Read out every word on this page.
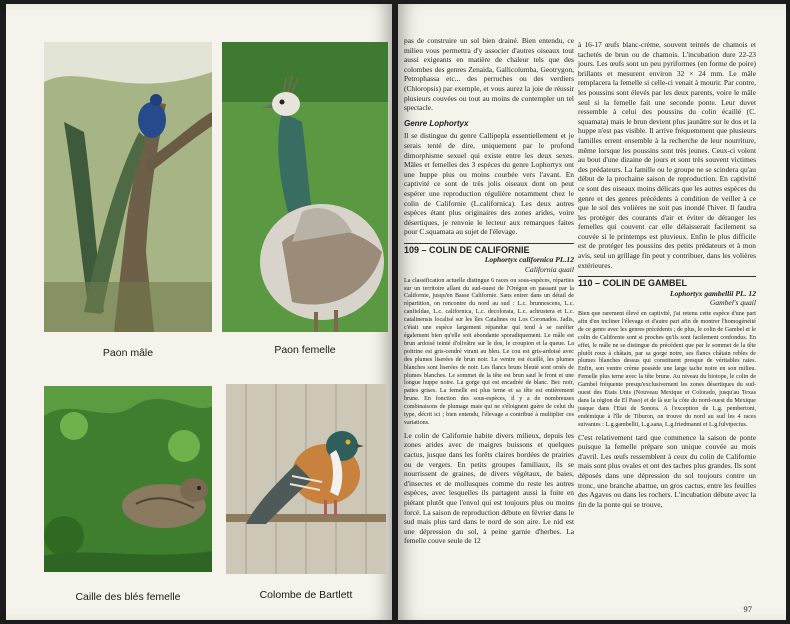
Paon mâle	Paon femelle
Caille des blés femelle	Colombe de Bartlett

à 16-17 œufs blanc-crème, souvent teintés de chamois et tachetés de brun ou de chamois. L'incubation dure 22-23 jours. Les œufs sont un peu pyriformes (en forme de poire) brillants et mesurent environ 32 × 24 mm. Le mâle remplacera la femelle si celle-ci venait à mourir. Par contre, les poussins sont élevés par les deux parents, voire le mâle seul si la femelle fait une seconde ponte. Leur duvet ressemble à celui des poussins du colin écaillé (C. squamata) mais le brun devient plus jaunâtre sur le dos et la huppe n'est pas visible. Il arrive fréquemment que plusieurs familles errent ensemble à la recherche de leur nourriture, même lorsque les poussins sont très jeunes. Ceux-ci volent au bout d'une dizaine de jours et sont très souvent victimes des prédateurs. La famille ou le groupe ne se scindera qu'au début de la prochaine saison de reproduction. En captivité ce sont des oiseaux moins délicats que les autres espèces du genre et des genres précédents à condition de veiller à ce que le sol des volières ne soit pas inondé l'hiver. Il faudra les protéger des courants d'air et éviter de déranger les femelles qui couvent car elle délaisserait facilement sa couvée si le printemps est pluvieux. Enfin le plus difficile est de protéger les poussins des petits prédateurs et à mon avis, seul un grillage fin peut y contribuer, dans les volières extérieures.

110 – COLIN DE GAMBEL
Lophortyx gambellii PL. 12
Gambel's quail

Bien que rarement élevé en captivité, j'ai retenu cette espèce d'une part afin d'en incliner l'élevage et d'autre part afin de montrer l'homogénéité de ce genre avec les genres précédents ; de plus, le colin de Gambel et le colin de Californie sont si proches qu'ils sont facilement confondus. En effet, le mâle ne se distingue du précédent que par le sommet de la tête plutôt roux à châtain, par sa gorge noire, ses flancs châtain rebles de plumes blanches dessus qui constituent presque de véritables raies. Enfin, son ventre crème possède une large tache noire en son milieu. Femelle plus terne avec la tête brune. Au niveau du biotope, le colin de Gambel fréquente presqu'exclusivement les zones désertiques du sud-ouest des Etats Unis (Nouveau Mexique et Colorado, jusqu'au Texas dans la région de El Paso) et de là sur la côte du nord-ouest du Mexique jusque dans l'Etat de Sonora. A l'exception de L.g. pembertoni, endémique à l'île de Tiburon, on trouve du nord au sud les 4 races suivantes : L.g.gambellii, L.g.sana, L.g.friedmanni et L.g.fulvipectus.

C'est relativement tard que commence la saison de ponte puisque la femelle prépare son unique couvée au mois d'avril. Les œufs ressemblent à ceux du colin de Californie mais sont plus ovales et ont des taches plus grandes. Ils sont déposés dans une dépression du sol toujours contre un tronc, une branche abattue, un gros cactus, entre les feuilles des Agaves ou dans les rochers. L'incubation débute avec la fin de la ponte qui se trouve,

97

pas de construire un sol bien drainé. Bien entendu, ce milieu vous permettra d'y associer d'autres oiseaux tout aussi exigeants en matière de chaleur tels que des colombes des genres Zenaida, Gallicolumba, Geotrygon, Petrophassa etc... des perruches ou des verdiers (Chloropsis) par exemple, et vous aurez la joie de réussir plusieurs couvées ou tout au moins de contempler un tel spectacle.

Genre Lophortyx

Il se distingue du genre Callipepla essentiellement et je serais tenté de dire, uniquement par le profond dimorphisme sexuel qui existe entre les deux sexes. Mâles et femelles des 3 espèces du genre Lophortyx ont une huppe plus ou moins courbée vers l'avant. En captivité ce sont de très jolis oiseaux dont on peut espérer une reproduction régulière notamment chez le colin de Californie (L.californica). Les deux autres espèces étant plus originaires des zones arides, voire désertiques, je renvoie le lecteur aux remarques faites pour C.squamata au sujet de l'élevage.

109 – COLIN DE CALIFORNIE
Lophortyx californica PL.12
California quail

La classification actuelle distingue 6 races ou sous-espèces, réparties sur un territoire allant du sud-ouest de l'Orégon en passant par la Californie, jusqu'en Basse Californie. Sans entrer dans un détail de répartition, on rencontre du nord au sud : L.c. brunnescens, L.c. canfieldae, L.c. californica, L.c. decolorata, L.c. achrustera et L.c. catalinensis localisé sur les îles Catalines ou Los Coronados. Jadis, c'était une espèce largement répandue qui tend à se raréfier également bien qu'elle soit abondante sporadiquement. Le mâle est brun ardoisé teinté d'olivâtre sur le dos, le croupion et la queue. La poitrine est gris-cendré virant au bleu. Le cou est gris-ardoisé avec des plumes liserées de brun noir. Le ventre est écaillé, les plumes blanches sont liserées de noir. Les flancs bruns bleuté sont ornés de plumes blanches. Le sommet de la tête est brun sauf le front et une longue huppe noire. La gorge qui est encadrée de blanc. Bec noir, pattes grises. La femelle est plus terne et sa tête est entièrement brune. En fonction des sous-espèces, il y a de nombreuses combinaisons de plumage mais qui ne s'éloignent guère de celui du type, décrit ici ; bien entendu, l'élevage a contribué à multiplier ces variations.

Le colin de Californie habite divers milieux, depuis les zones arides avec de maigres buissons et quelques cactus, jusque dans les forêts claires bordées de prairies ou de vergers. En petits groupes familiaux, ils se nourrissent de graines, de divers végétaux, de baies, d'insectes et de mollusques comme du reste les autres espèces, avec lesquelles ils partagent aussi la fuite en piétant plutôt que l'envol qui est toujours plus ou moins forcé. La saison de reproduction débute en février dans le sud mais plus tard dans le nord de son aire. Le nid est une dépression du sol, à peine garnie d'herbes. La femelle couve seule de 12
